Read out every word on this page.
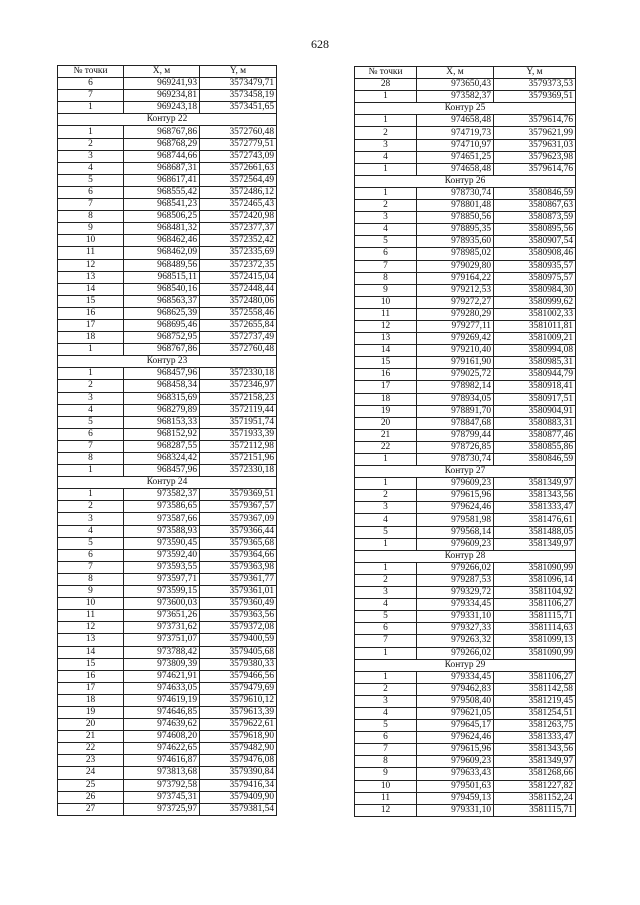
628
№ точки	X, м	Y, м
6	969241,93	3573479,71
7	969234,81	3573458,19
1	969243,18	3573451,65
Контур 22		
1	968767,86	3572760,48
2	968768,29	3572779,51
3	968744,66	3572743,09
4	968687,31	3572661,63
5	968617,41	3572564,49
6	968555,42	3572486,12
7	968541,23	3572465,43
8	968506,25	3572420,98
9	968481,32	3572377,37
10	968462,46	3572352,42
11	968462,09	3572335,69
12	968489,56	3572372,35
13	968515,11	3572415,04
14	968540,16	3572448,44
15	968563,37	3572480,06
16	968625,39	3572558,46
17	968695,46	3572655,84
18	968752,95	3572737,49
1	968767,86	3572760,48
Контур 23		
1	968457,96	3572330,18
2	968458,34	3572346,97
3	968315,69	3572158,23
4	968279,89	3572119,44
5	968153,33	3571951,74
6	968152,92	3571933,39
7	968287,55	3572112,98
8	968324,42	3572151,96
1	968457,96	3572330,18
Контур 24		
1	973582,37	3579369,51
2	973586,65	3579367,57
3	973587,66	3579367,09
4	973588,93	3579366,44
5	973590,45	3579365,68
6	973592,40	3579364,66
7	973593,55	3579363,98
8	973597,71	3579361,77
9	973599,15	3579361,01
10	973600,03	3579360,49
11	973651,26	3579363,56
12	973731,62	3579372,08
13	973751,07	3579400,59
14	973788,42	3579405,68
15	973809,39	3579380,33
16	974621,91	3579466,56
17	974633,05	3579479,69
18	974619,19	3579610,12
19	974646,85	3579613,39
20	974639,62	3579622,61
21	974608,20	3579618,90
22	974622,65	3579482,90
23	974616,87	3579476,08
24	973813,68	3579390,84
25	973792,58	3579416,34
26	973745,31	3579409,90
27	973725,97	3579381,54
№ точки	X, м	Y, м
28	973650,43	3579373,53
1	973582,37	3579369,51
Контур 25		
1	974658,48	3579614,76
2	974719,73	3579621,99
3	974710,97	3579631,03
4	974651,25	3579623,98
1	974658,48	3579614,76
Контур 26		
1	978730,74	3580846,59
2	978801,48	3580867,63
3	978850,56	3580873,59
4	978895,35	3580895,56
5	978935,60	3580907,54
6	978985,02	3580908,46
7	979029,80	3580935,57
8	979164,22	3580975,57
9	979212,53	3580984,30
10	979272,27	3580999,62
11	979280,29	3581002,33
12	979277,11	3581011,81
13	979269,42	3581009,21
14	979210,40	3580994,08
15	979161,90	3580985,31
16	979025,72	3580944,79
17	978982,14	3580918,41
18	978934,05	3580917,51
19	978891,70	3580904,91
20	978847,68	3580883,31
21	978799,44	3580877,46
22	978726,85	3580855,86
1	978730,74	3580846,59
Контур 27		
1	979609,23	3581349,97
2	979615,96	3581343,56
3	979624,46	3581333,47
4	979581,98	3581476,61
5	979568,14	3581488,05
1	979609,23	3581349,97
Контур 28		
1	979266,02	3581090,99
2	979287,53	3581096,14
3	979329,72	3581104,92
4	979334,45	3581106,27
5	979331,10	3581115,71
6	979327,33	3581114,63
7	979263,32	3581099,13
1	979266,02	3581090,99
Контур 29		
1	979334,45	3581106,27
2	979462,83	3581142,58
3	979508,40	3581219,45
4	979621,05	3581254,51
5	979645,17	3581263,75
6	979624,46	3581333,47
7	979615,96	3581343,56
8	979609,23	3581349,97
9	979633,43	3581268,66
10	979501,63	3581227,82
11	979459,13	3581152,24
12	979331,10	3581115,71
